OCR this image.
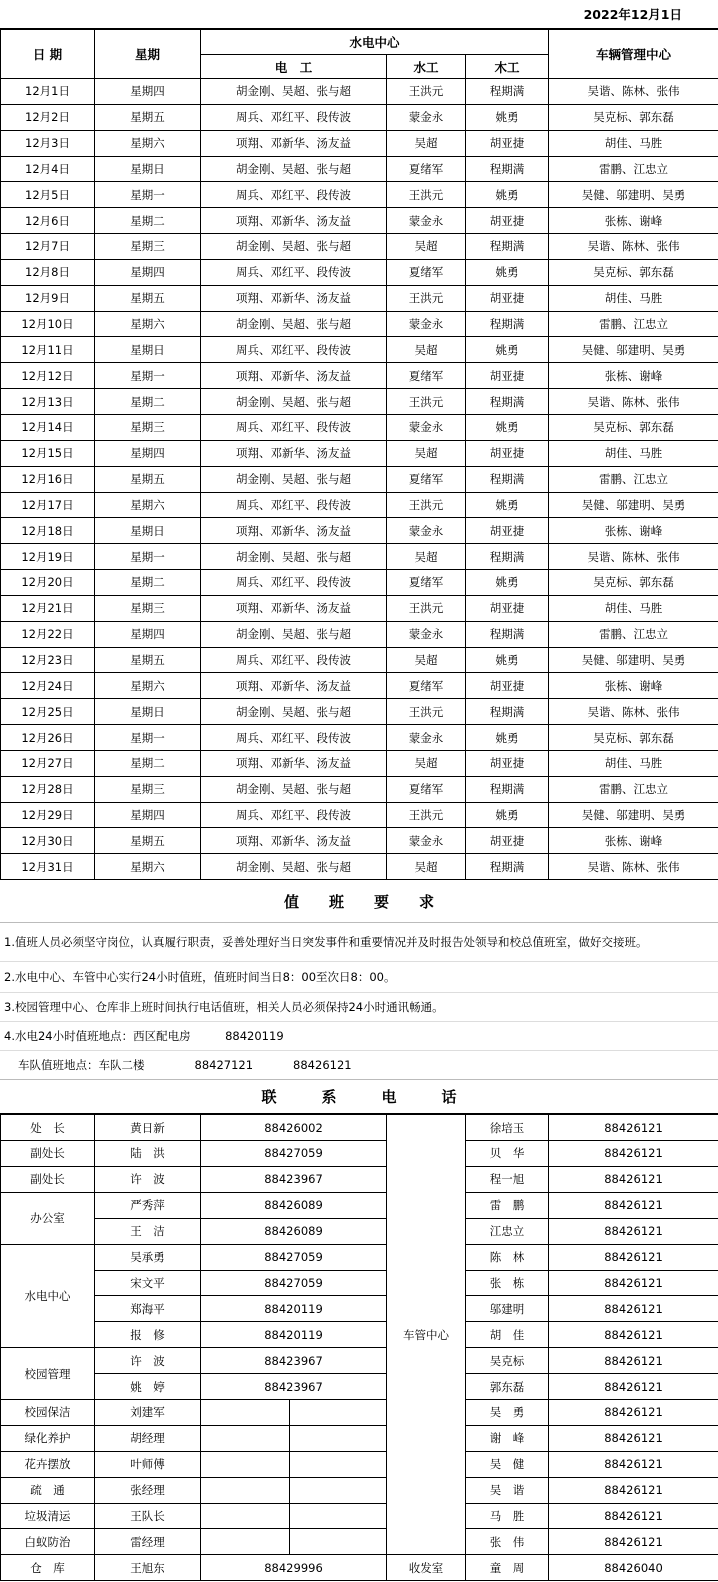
2022年12月1日
日 期	星期	水电中心			车辆管理中心
		电　工	水工	木工	
12月1日	星期四	胡金刚、吴超、张与超	王洪元	程期满	吴谐、陈林、张伟
12月2日	星期五	周兵、邓红平、段传波	蒙金永	姚勇	吴克标、郭东磊
12月3日	星期六	项翔、邓新华、汤友益	吴超	胡亚捷	胡佳、马胜
12月4日	星期日	胡金刚、吴超、张与超	夏绪军	程期满	雷鹏、江忠立
12月5日	星期一	周兵、邓红平、段传波	王洪元	姚勇	吴健、邬建明、吴勇
12月6日	星期二	项翔、邓新华、汤友益	蒙金永	胡亚捷	张栋、谢峰
12月7日	星期三	胡金刚、吴超、张与超	吴超	程期满	吴谐、陈林、张伟
12月8日	星期四	周兵、邓红平、段传波	夏绪军	姚勇	吴克标、郭东磊
12月9日	星期五	项翔、邓新华、汤友益	王洪元	胡亚捷	胡佳、马胜
12月10日	星期六	胡金刚、吴超、张与超	蒙金永	程期满	雷鹏、江忠立
12月11日	星期日	周兵、邓红平、段传波	吴超	姚勇	吴健、邬建明、吴勇
12月12日	星期一	项翔、邓新华、汤友益	夏绪军	胡亚捷	张栋、谢峰
12月13日	星期二	胡金刚、吴超、张与超	王洪元	程期满	吴谐、陈林、张伟
12月14日	星期三	周兵、邓红平、段传波	蒙金永	姚勇	吴克标、郭东磊
12月15日	星期四	项翔、邓新华、汤友益	吴超	胡亚捷	胡佳、马胜
12月16日	星期五	胡金刚、吴超、张与超	夏绪军	程期满	雷鹏、江忠立
12月17日	星期六	周兵、邓红平、段传波	王洪元	姚勇	吴健、邬建明、吴勇
12月18日	星期日	项翔、邓新华、汤友益	蒙金永	胡亚捷	张栋、谢峰
12月19日	星期一	胡金刚、吴超、张与超	吴超	程期满	吴谐、陈林、张伟
12月20日	星期二	周兵、邓红平、段传波	夏绪军	姚勇	吴克标、郭东磊
12月21日	星期三	项翔、邓新华、汤友益	王洪元	胡亚捷	胡佳、马胜
12月22日	星期四	胡金刚、吴超、张与超	蒙金永	程期满	雷鹏、江忠立
12月23日	星期五	周兵、邓红平、段传波	吴超	姚勇	吴健、邬建明、吴勇
12月24日	星期六	项翔、邓新华、汤友益	夏绪军	胡亚捷	张栋、谢峰
12月25日	星期日	胡金刚、吴超、张与超	王洪元	程期满	吴谐、陈林、张伟
12月26日	星期一	周兵、邓红平、段传波	蒙金永	姚勇	吴克标、郭东磊
12月27日	星期二	项翔、邓新华、汤友益	吴超	胡亚捷	胡佳、马胜
12月28日	星期三	胡金刚、吴超、张与超	夏绪军	程期满	雷鹏、江忠立
12月29日	星期四	周兵、邓红平、段传波	王洪元	姚勇	吴健、邬建明、吴勇
12月30日	星期五	项翔、邓新华、汤友益	蒙金永	胡亚捷	张栋、谢峰
12月31日	星期六	胡金刚、吴超、张与超	吴超	程期满	吴谐、陈林、张伟
值　　班　　要　　求
1.值班人员必须坚守岗位，认真履行职责，妥善处理好当日突发事件和重要情况并及时报告处领导和校总值班室，做好交接班。
2.水电中心、车管中心实行24小时值班，值班时间当日8：00至次日8：00。
3.校园管理中心、仓库非上班时间执行电话值班，相关人员必须保持24小时通讯畅通。
4.水电24小时值班地点：西区配电房　　　88420119
车队值班地点：车队二楼	88427121	88426121
联　　　系　　　电　　　话
处　长	黄日新	88426002		车管中心	徐培玉	88426121
副处长	陆　洪	88427059			贝　华	88426121
副处长	许　波	88423967			程一旭	88426121
办公室	严秀萍	88426089			雷　鹏	88426121
	王　洁	88426089			江忠立	88426121
水电中心	吴承勇	88427059			陈　林	88426121
	宋文平	88427059			张　栋	88426121
	郑海平	88420119			邬建明	88426121
	报　修	88420119			胡　佳	88426121
校园管理	许　波	88423967			吴克标	88426121
	姚　婷	88423967			郭东磊	88426121
校园保洁	刘建军				吴　勇	88426121
绿化养护	胡经理				谢　峰	88426121
花卉摆放	叶师傅				吴　健	88426121
疏　通	张经理				吴　谐	88426121
垃圾清运	王队长				马　胜	88426121
白蚁防治	雷经理				张　伟	88426121
仓　库	王旭东	88429996		收发室	童　周	88426040
